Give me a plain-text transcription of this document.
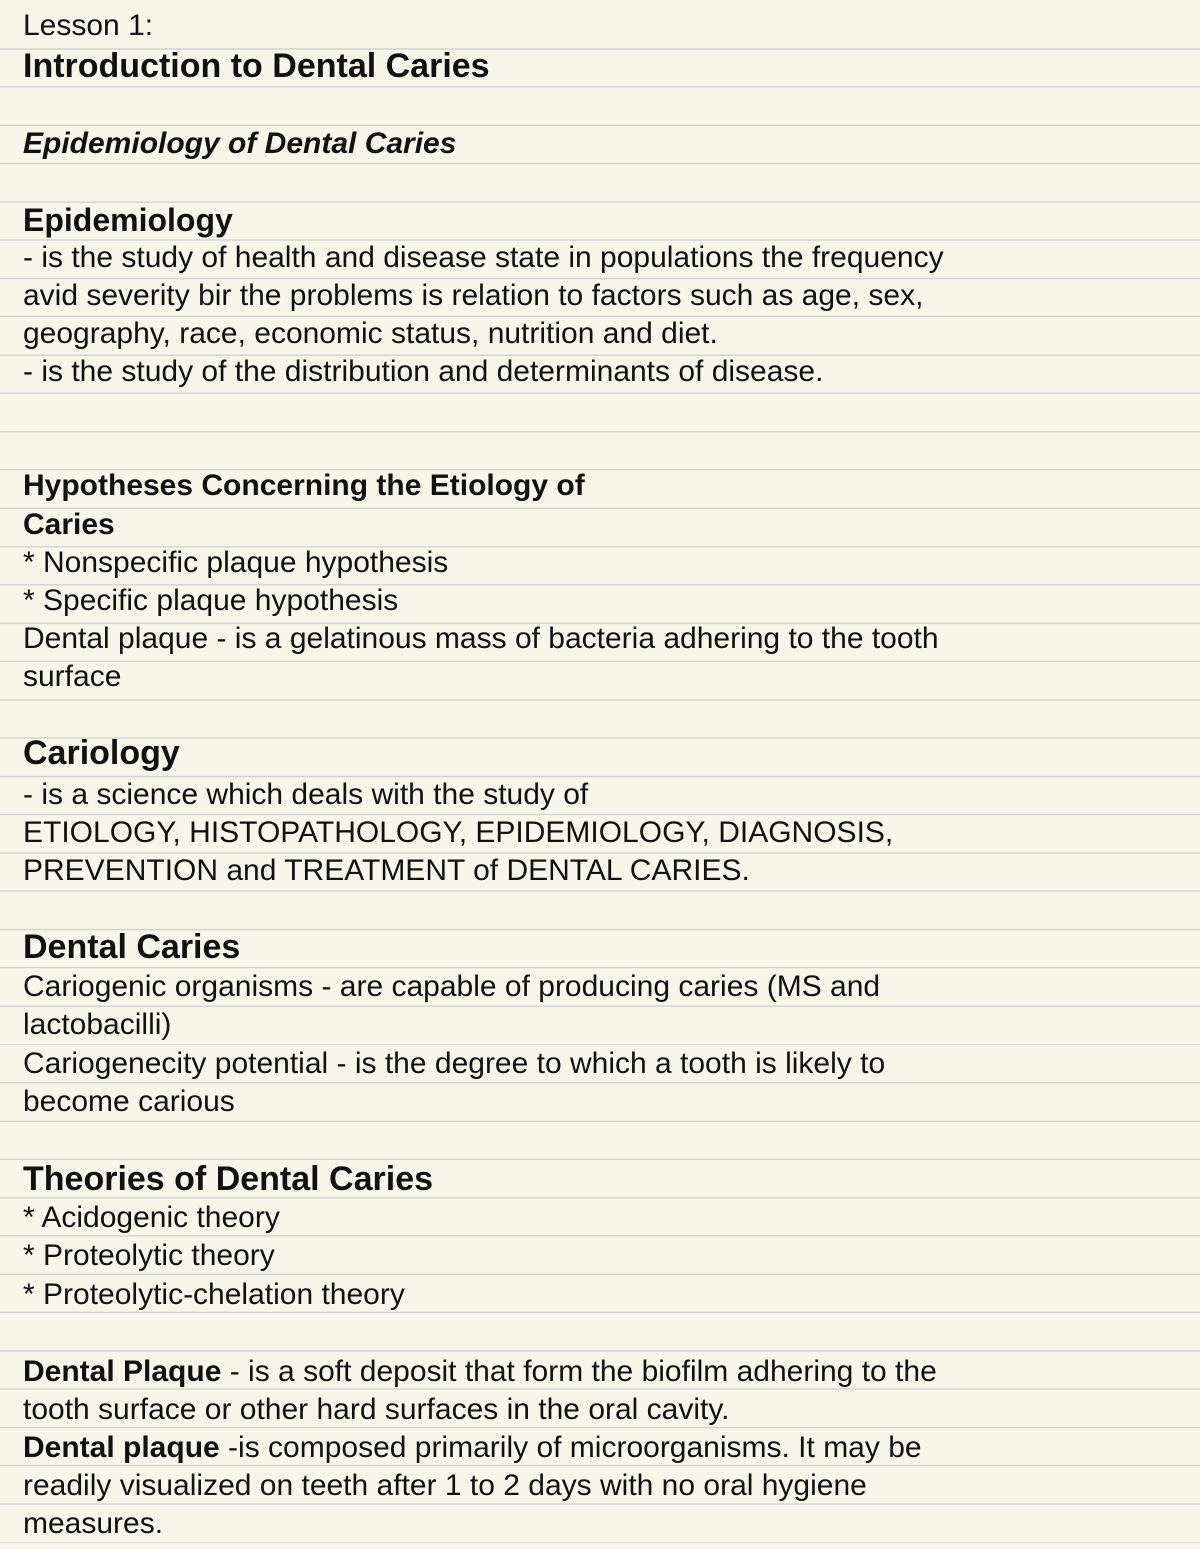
Lesson 1:
Introduction to Dental Caries
Epidemiology of Dental Caries
Epidemiology
- is the study of health and disease state in populations the frequency
avid severity bir the problems is relation to factors such as age, sex,
geography, race, economic status, nutrition and diet.
- is the study of the distribution and determinants of disease.
Hypotheses Concerning the Etiology of
Caries
* Nonspecific plaque hypothesis
* Specific plaque hypothesis
Dental plaque - is a gelatinous mass of bacteria adhering to the tooth
surface
Cariology
- is a science which deals with the study of
ETIOLOGY, HISTOPATHOLOGY, EPIDEMIOLOGY, DIAGNOSIS,
PREVENTION and TREATMENT of DENTAL CARIES.
Dental Caries
Cariogenic organisms - are capable of producing caries (MS and
lactobacilli)
Cariogenecity potential - is the degree to which a tooth is likely to
become carious
Theories of Dental Caries
* Acidogenic theory
* Proteolytic theory
* Proteolytic-chelation theory
Dental Plaque - is a soft deposit that form the biofilm adhering to the
tooth surface or other hard surfaces in the oral cavity.
Dental plaque -is composed primarily of microorganisms. It may be
readily visualized on teeth after 1 to 2 days with no oral hygiene
measures.
